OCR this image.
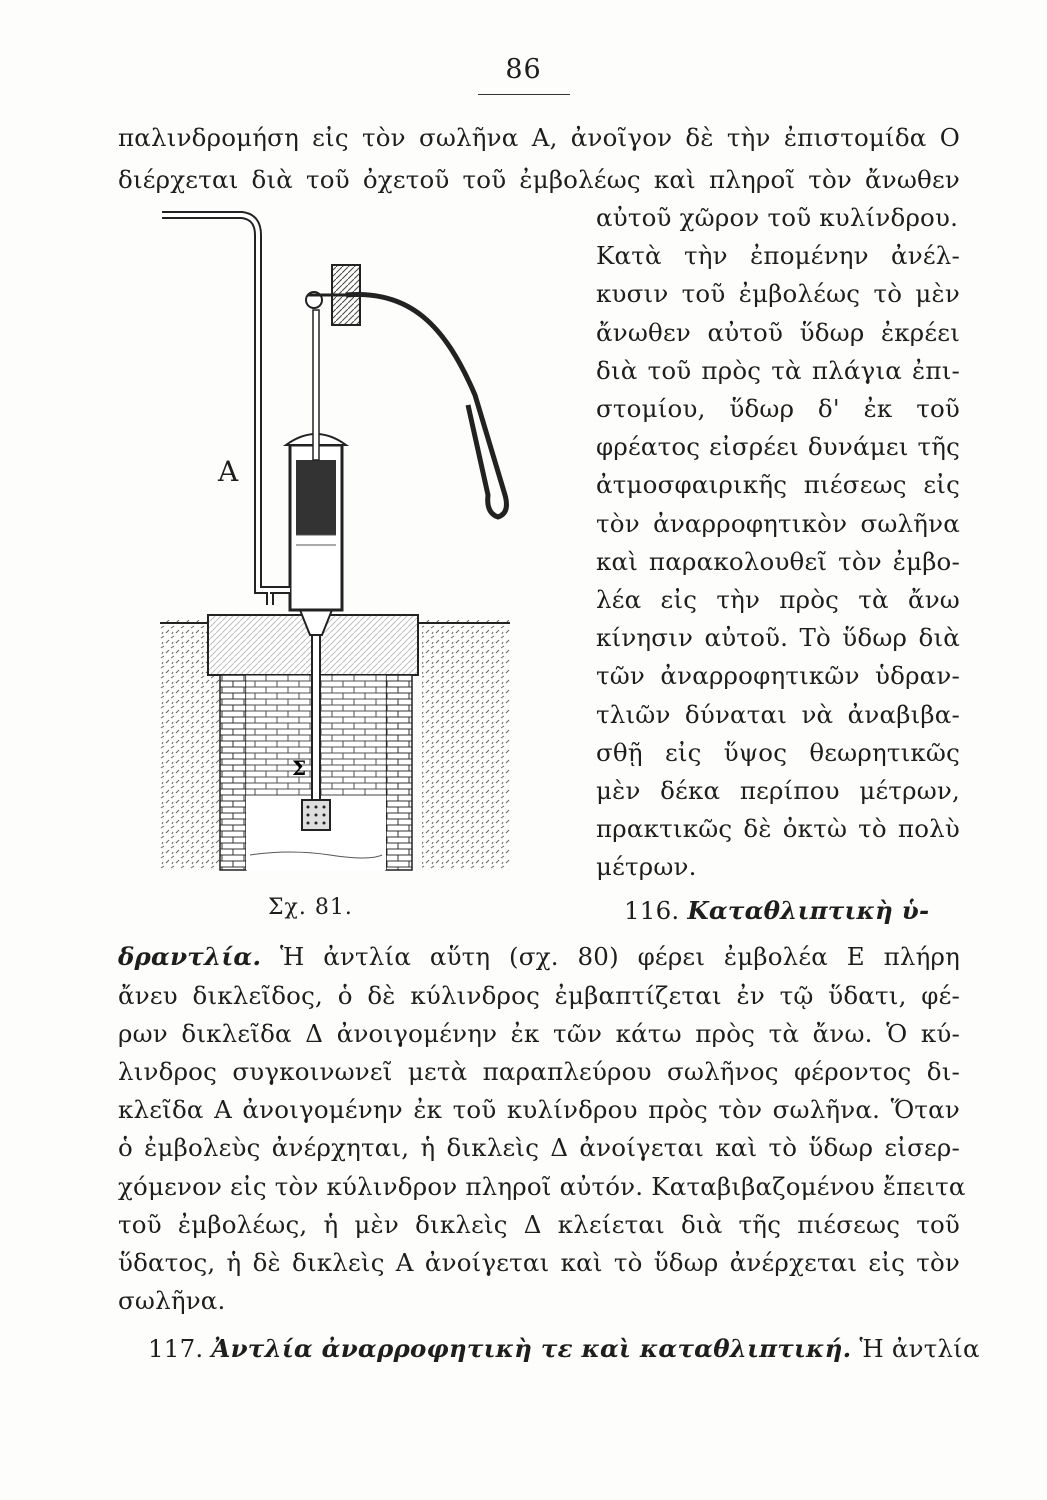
86
παλινδρομήση εἰς τὸν σωλῆνα Α, ἀνοῖγον δὲ τὴν ἐπιστομίδα Ο
διέρχεται διὰ τοῦ ὀχετοῦ τοῦ ἐμβολέως καὶ πληροῖ τὸν ἄνωθεν
αὐτοῦ χῶρον τοῦ κυλίνδρου.
Κατὰ τὴν ἐπομένην ἀνέλ-
κυσιν τοῦ ἐμβολέως τὸ μὲν
ἄνωθεν αὐτοῦ ὕδωρ ἐκρέει
διὰ τοῦ πρὸς τὰ πλάγια ἐπι-
στομίου, ὕδωρ δ' ἐκ τοῦ
φρέατος εἰσρέει δυνάμει τῆς
ἀτμοσφαιρικῆς πιέσεως εἰς
τὸν ἀναρροφητικὸν σωλῆνα
καὶ παρακολουθεῖ τὸν ἐμβο-
λέα εἰς τὴν πρὸς τὰ ἄνω
κίνησιν αὐτοῦ. Τὸ ὕδωρ διὰ
τῶν ἀναρροφητικῶν ὑδραν-
τλιῶν δύναται νὰ ἀναβιβα-
σθῇ εἰς ὕψος θεωρητικῶς
μὲν δέκα περίπου μέτρων,
πρακτικῶς δὲ ὀκτὼ τὸ πολὺ
μέτρων.
116. Καταθλιπτικὴ ὑ-
Σ
Α
Σχ. 81.
δραντλία. Ἡ ἀντλία αὕτη (σχ. 80) φέρει ἐμβολέα Ε πλήρη
ἄνευ δικλεῖδος, ὁ δὲ κύλινδρος ἐμβαπτίζεται ἐν τῷ ὕδατι, φέ-
ρων δικλεῖδα Δ ἀνοιγομένην ἐκ τῶν κάτω πρὸς τὰ ἄνω. Ὁ κύ-
λινδρος συγκοινωνεῖ μετὰ παραπλεύρου σωλῆνος φέροντος δι-
κλεῖδα Α ἀνοιγομένην ἐκ τοῦ κυλίνδρου πρὸς τὸν σωλῆνα. Ὅταν
ὁ ἐμβολεὺς ἀνέρχηται, ἡ δικλεὶς Δ ἀνοίγεται καὶ τὸ ὕδωρ εἰσερ-
χόμενον εἰς τὸν κύλινδρον πληροῖ αὐτόν. Καταβιβαζομένου ἔπειτα
τοῦ ἐμβολέως, ἡ μὲν δικλεὶς Δ κλείεται διὰ τῆς πιέσεως τοῦ
ὕδατος, ἡ δὲ δικλεὶς Α ἀνοίγεται καὶ τὸ ὕδωρ ἀνέρχεται εἰς τὸν
σωλῆνα.
117. Ἀντλία ἀναρροφητικὴ τε καὶ καταθλιπτική. Ἡ ἀντλία
